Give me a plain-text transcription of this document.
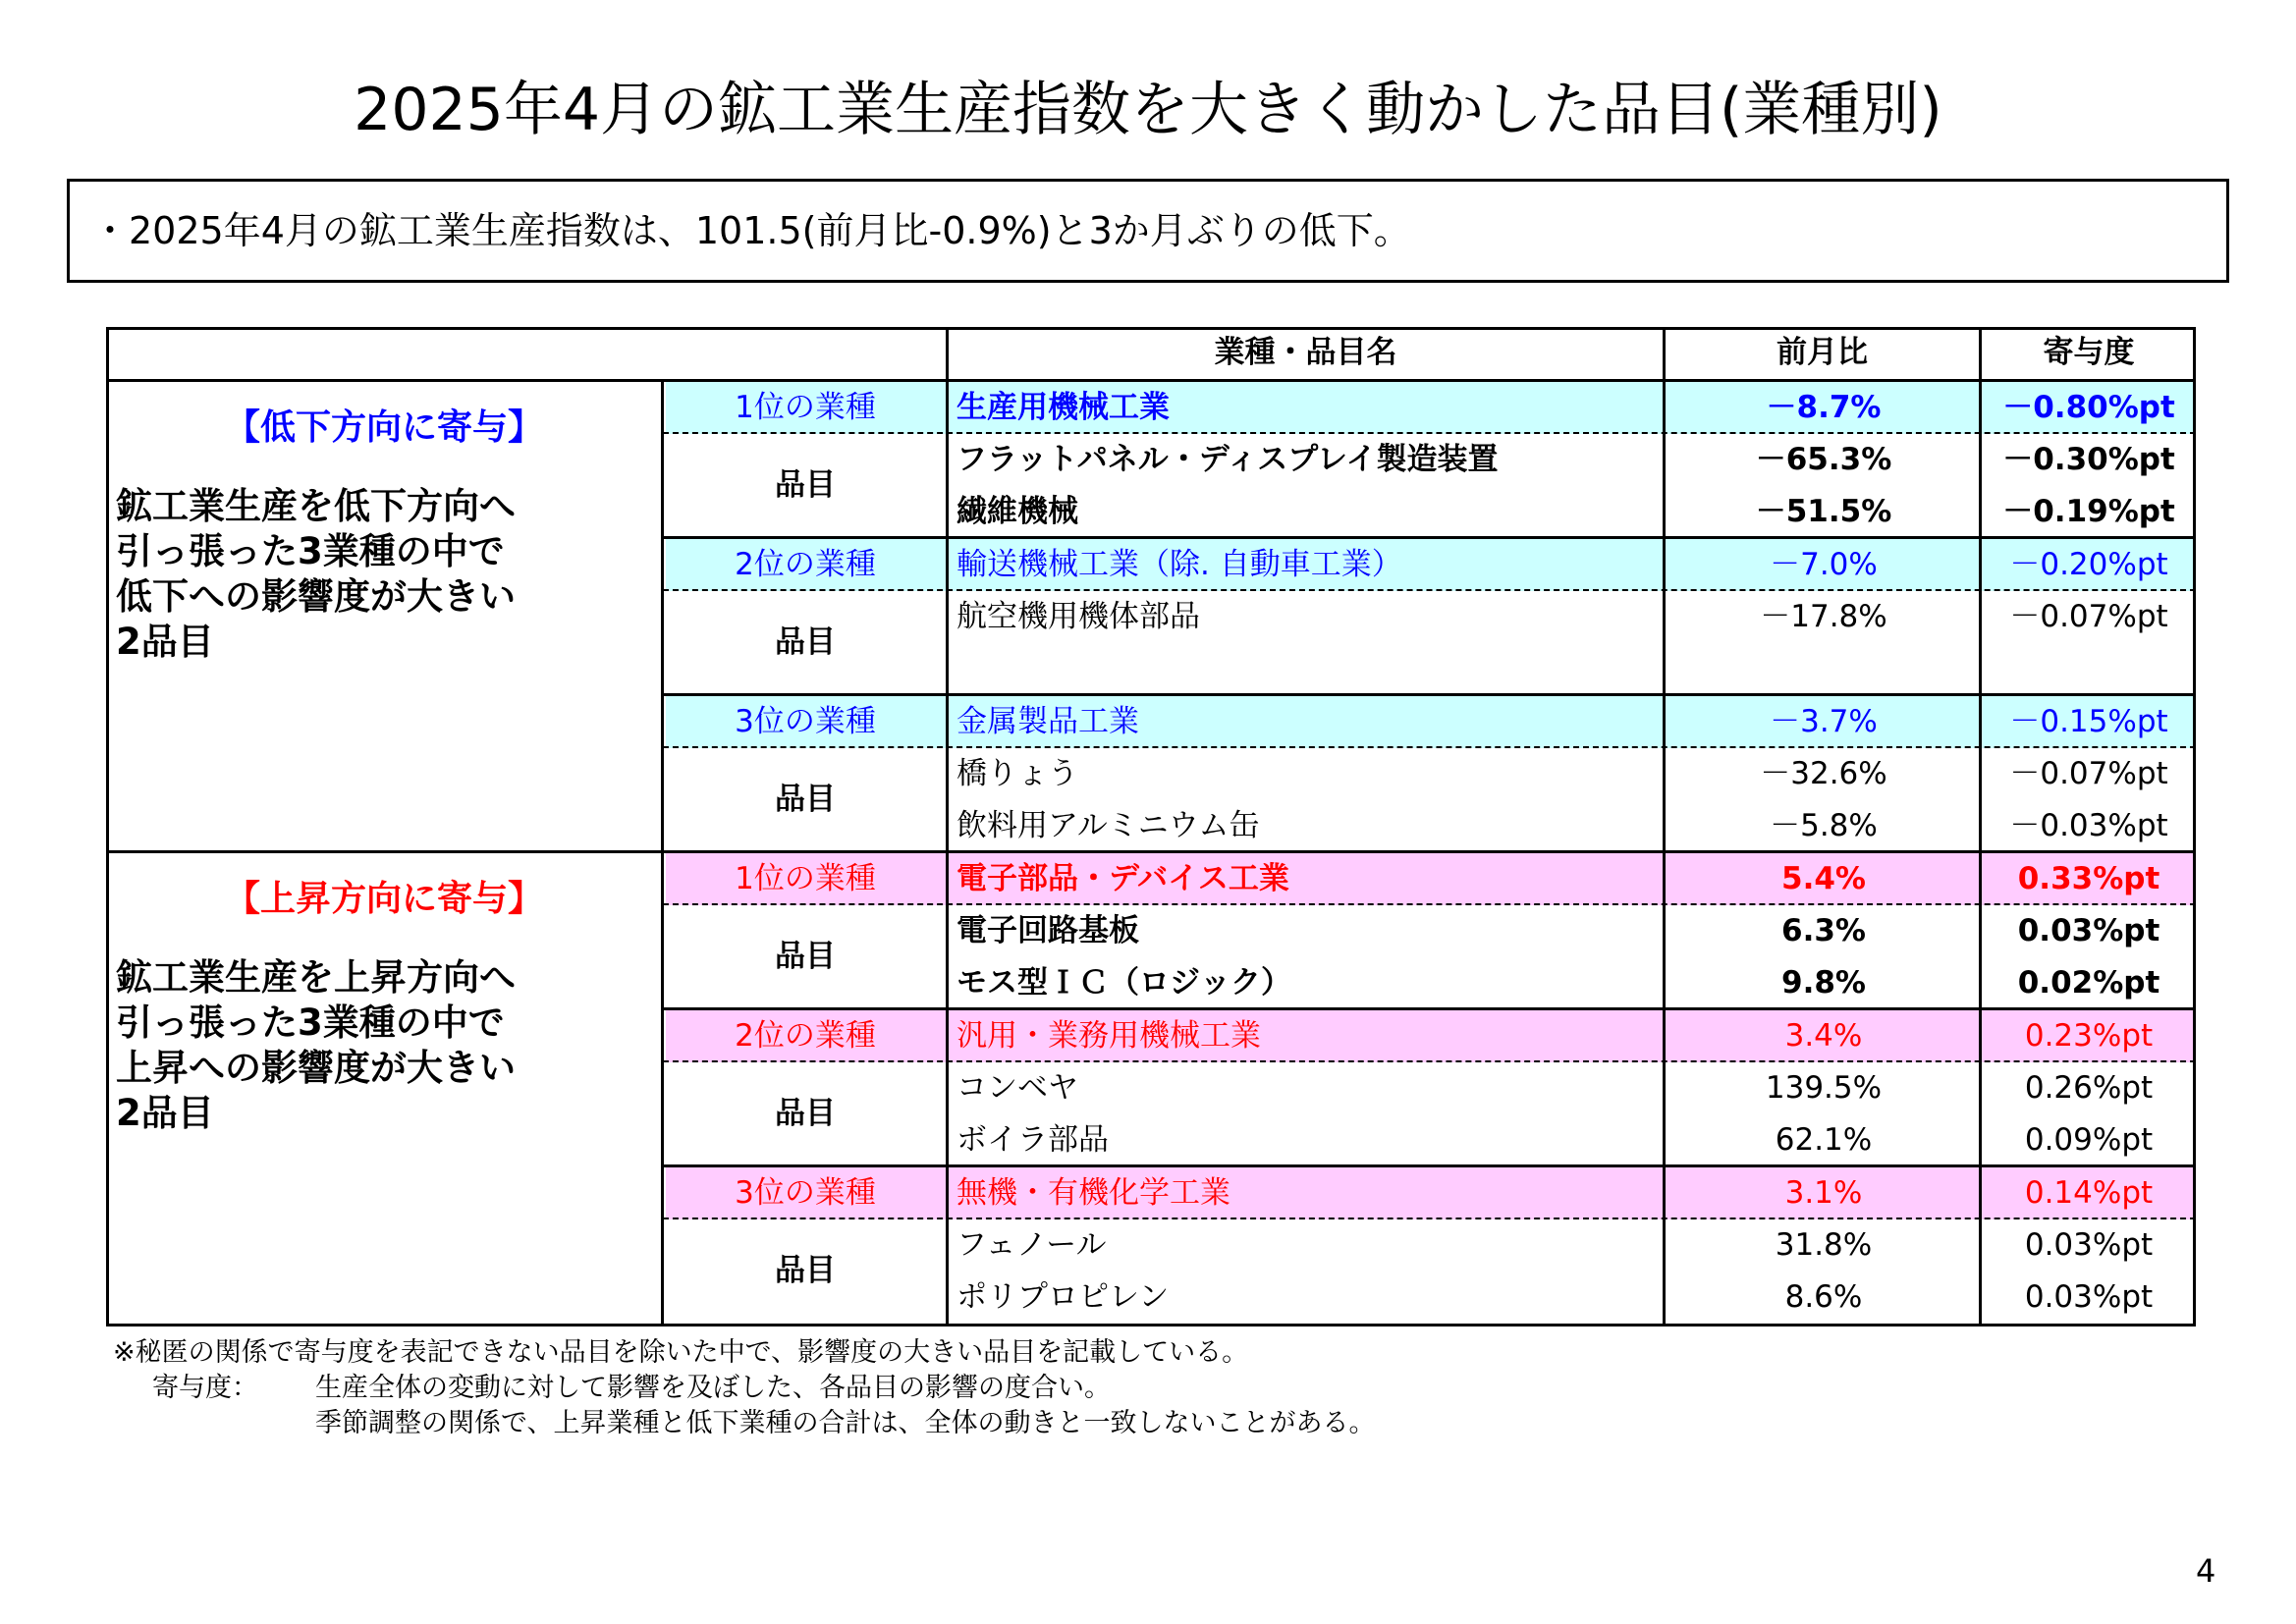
2025年4月の鉱工業生産指数を大きく動かした品目(業種別)
・2025年4月の鉱工業生産指数は、101.5(前月比-0.9%)と3か月ぶりの低下。
業種・品目名	前月比	寄与度
【低下方向に寄与】
鉱工業生産を低下方向へ
引っ張った3業種の中で
低下への影響度が大きい
2品目
1位の業種	生産用機械工業	－8.7%	－0.80%pt
品目
フラットパネル・ディスプレイ製造装置	－65.3%	－0.30%pt
繊維機械	－51.5%	－0.19%pt
2位の業種	輸送機械工業（除. 自動車工業）	－7.0%	－0.20%pt
品目
航空機用機体部品	－17.8%	－0.07%pt
3位の業種	金属製品工業	－3.7%	－0.15%pt
品目
橋りょう	－32.6%	－0.07%pt
飲料用アルミニウム缶	－5.8%	－0.03%pt
【上昇方向に寄与】
鉱工業生産を上昇方向へ
引っ張った3業種の中で
上昇への影響度が大きい
2品目
1位の業種	電子部品・デバイス工業	5.4%	0.33%pt
品目
電子回路基板	6.3%	0.03%pt
モス型ＩＣ（ロジック）	9.8%	0.02%pt
2位の業種	汎用・業務用機械工業	3.4%	0.23%pt
品目
コンベヤ	139.5%	0.26%pt
ボイラ部品	62.1%	0.09%pt
3位の業種	無機・有機化学工業	3.1%	0.14%pt
品目
フェノール	31.8%	0.03%pt
ポリプロピレン	8.6%	0.03%pt
※秘匿の関係で寄与度を表記できない品目を除いた中で、影響度の大きい品目を記載している。
寄与度： 生産全体の変動に対して影響を及ぼした、各品目の影響の度合い。
季節調整の関係で、上昇業種と低下業種の合計は、全体の動きと一致しないことがある。
4
